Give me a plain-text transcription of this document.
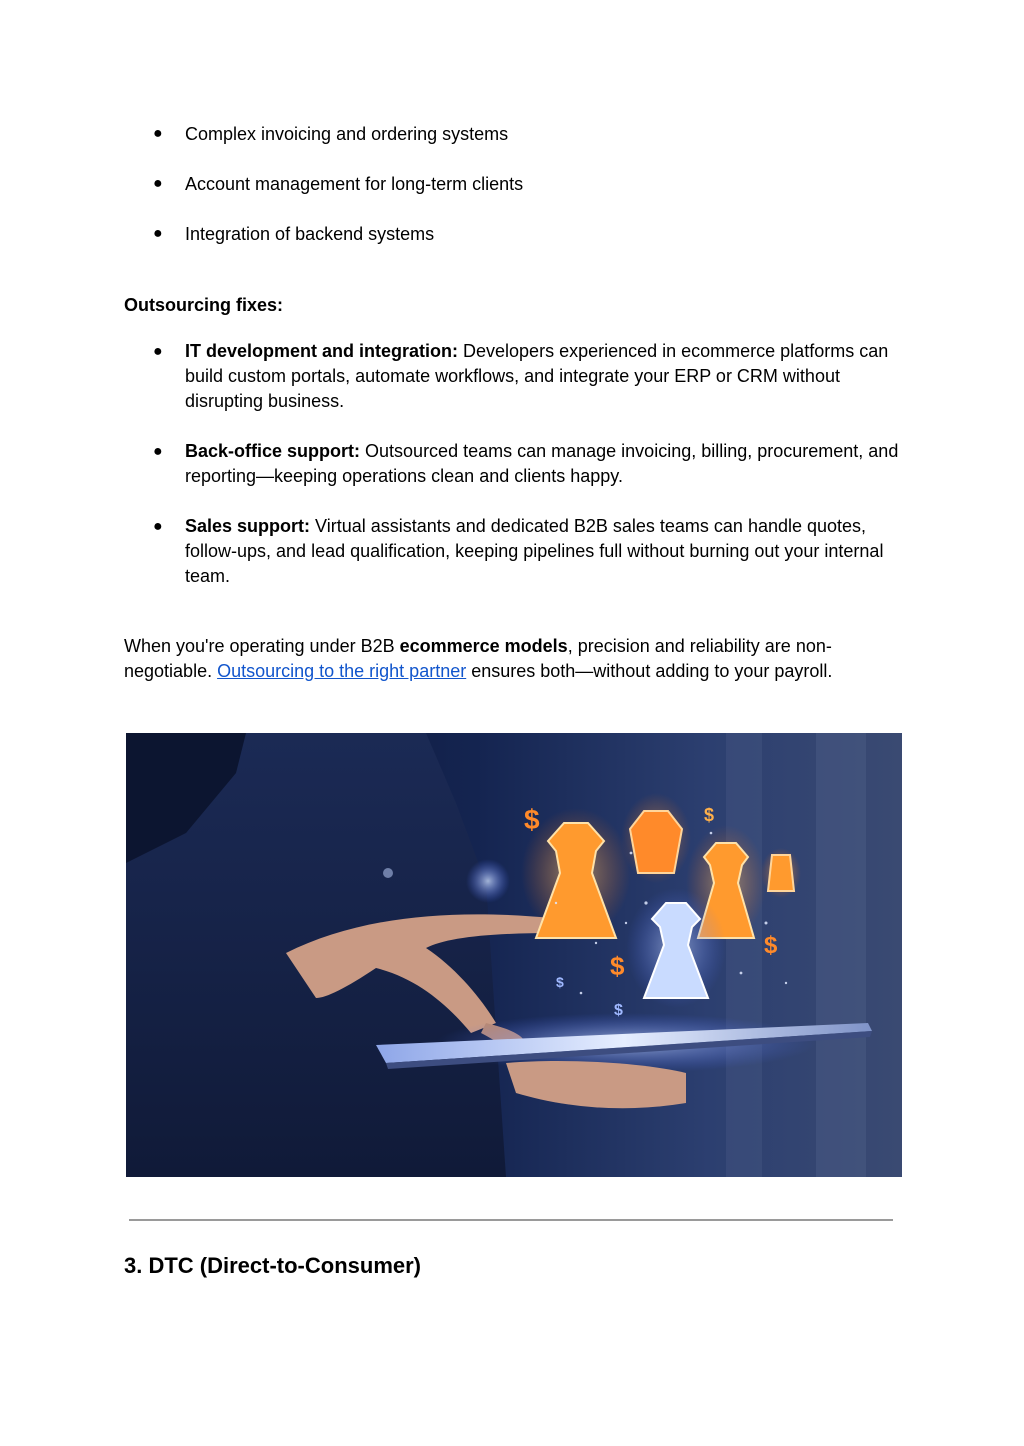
● Complex invoicing and ordering systems
● Account management for long-term clients
● Integration of backend systems
Outsourcing fixes:
● IT development and integration: Developers experienced in ecommerce platforms can build custom portals, automate workflows, and integrate your ERP or CRM without disrupting business.
● Back-office support: Outsourced teams can manage invoicing, billing, procurement, and reporting—keeping operations clean and clients happy.
● Sales support: Virtual assistants and dedicated B2B sales teams can handle quotes, follow-ups, and lead qualification, keeping pipelines full without burning out your internal team.
When you're operating under B2B ecommerce models, precision and reliability are non-negotiable. Outsourcing to the right partner ensures both—without adding to your payroll.
$
$
$
$
$
$
3. DTC (Direct-to-Consumer)
